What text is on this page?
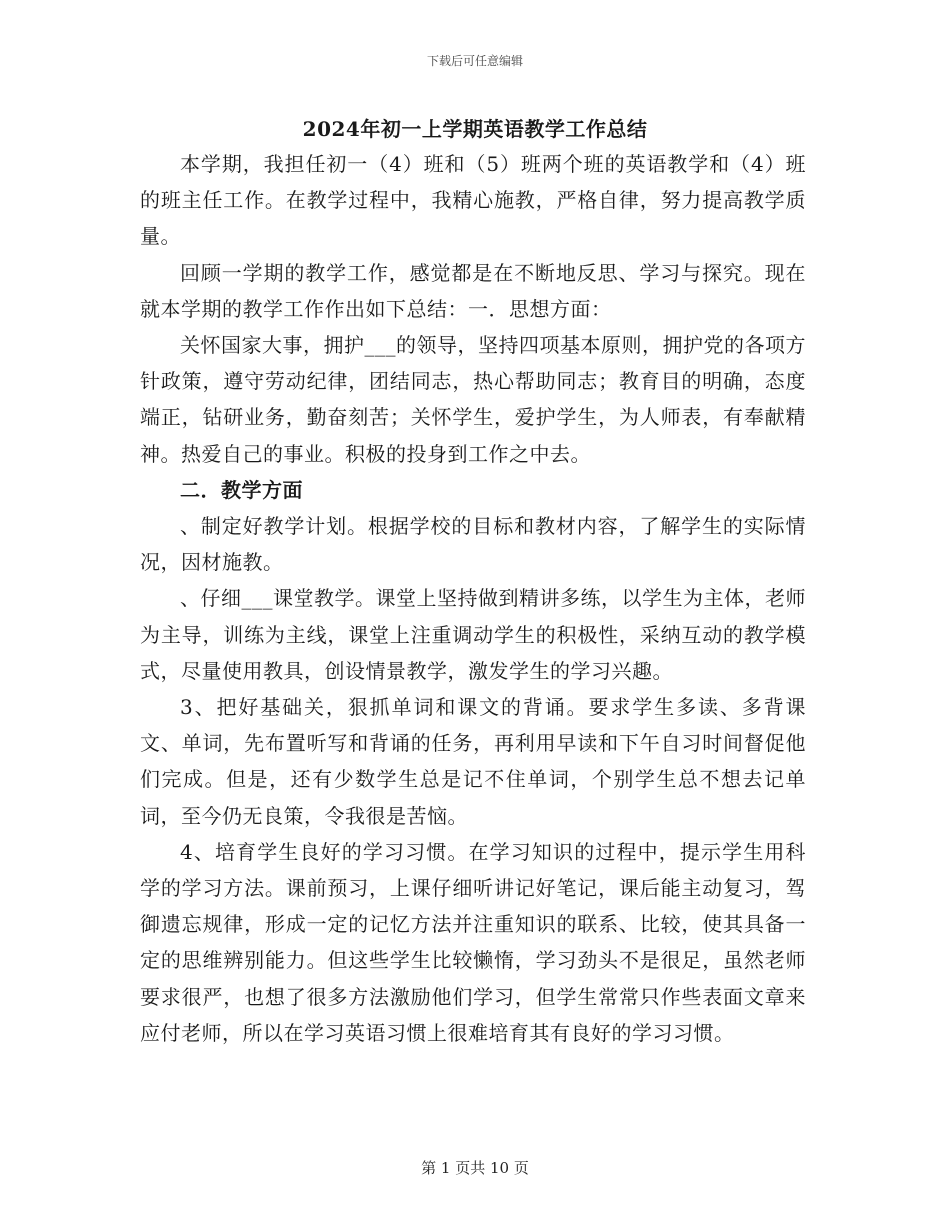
下载后可任意编辑
2024年初一上学期英语教学工作总结

本学期，我担任初一（4）班和（5）班两个班的英语教学和（4）班的班主任工作。在教学过程中，我精心施教，严格自律，努力提高教学质量。

回顾一学期的教学工作，感觉都是在不断地反思、学习与探究。现在就本学期的教学工作作出如下总结：一．思想方面：

关怀国家大事，拥护___的领导，坚持四项基本原则，拥护党的各项方针政策，遵守劳动纪律，团结同志，热心帮助同志；教育目的明确，态度端正，钻研业务，勤奋刻苦；关怀学生，爱护学生，为人师表，有奉献精神。热爱自己的事业。积极的投身到工作之中去。

二．教学方面

、制定好教学计划。根据学校的目标和教材内容，了解学生的实际情况，因材施教。

、仔细___课堂教学。课堂上坚持做到精讲多练，以学生为主体，老师为主导，训练为主线，课堂上注重调动学生的积极性，采纳互动的教学模式，尽量使用教具，创设情景教学，激发学生的学习兴趣。

3、把好基础关，狠抓单词和课文的背诵。要求学生多读、多背课文、单词，先布置听写和背诵的任务，再利用早读和下午自习时间督促他们完成。但是，还有少数学生总是记不住单词，个别学生总不想去记单词，至今仍无良策，令我很是苦恼。

4、培育学生良好的学习习惯。在学习知识的过程中，提示学生用科学的学习方法。课前预习，上课仔细听讲记好笔记，课后能主动复习，驾御遗忘规律，形成一定的记忆方法并注重知识的联系、比较，使其具备一定的思维辨别能力。但这些学生比较懒惰，学习劲头不是很足，虽然老师要求很严，也想了很多方法激励他们学习，但学生常常只作些表面文章来应付老师，所以在学习英语习惯上很难培育其有良好的学习习惯。

第 1 页共 10 页
